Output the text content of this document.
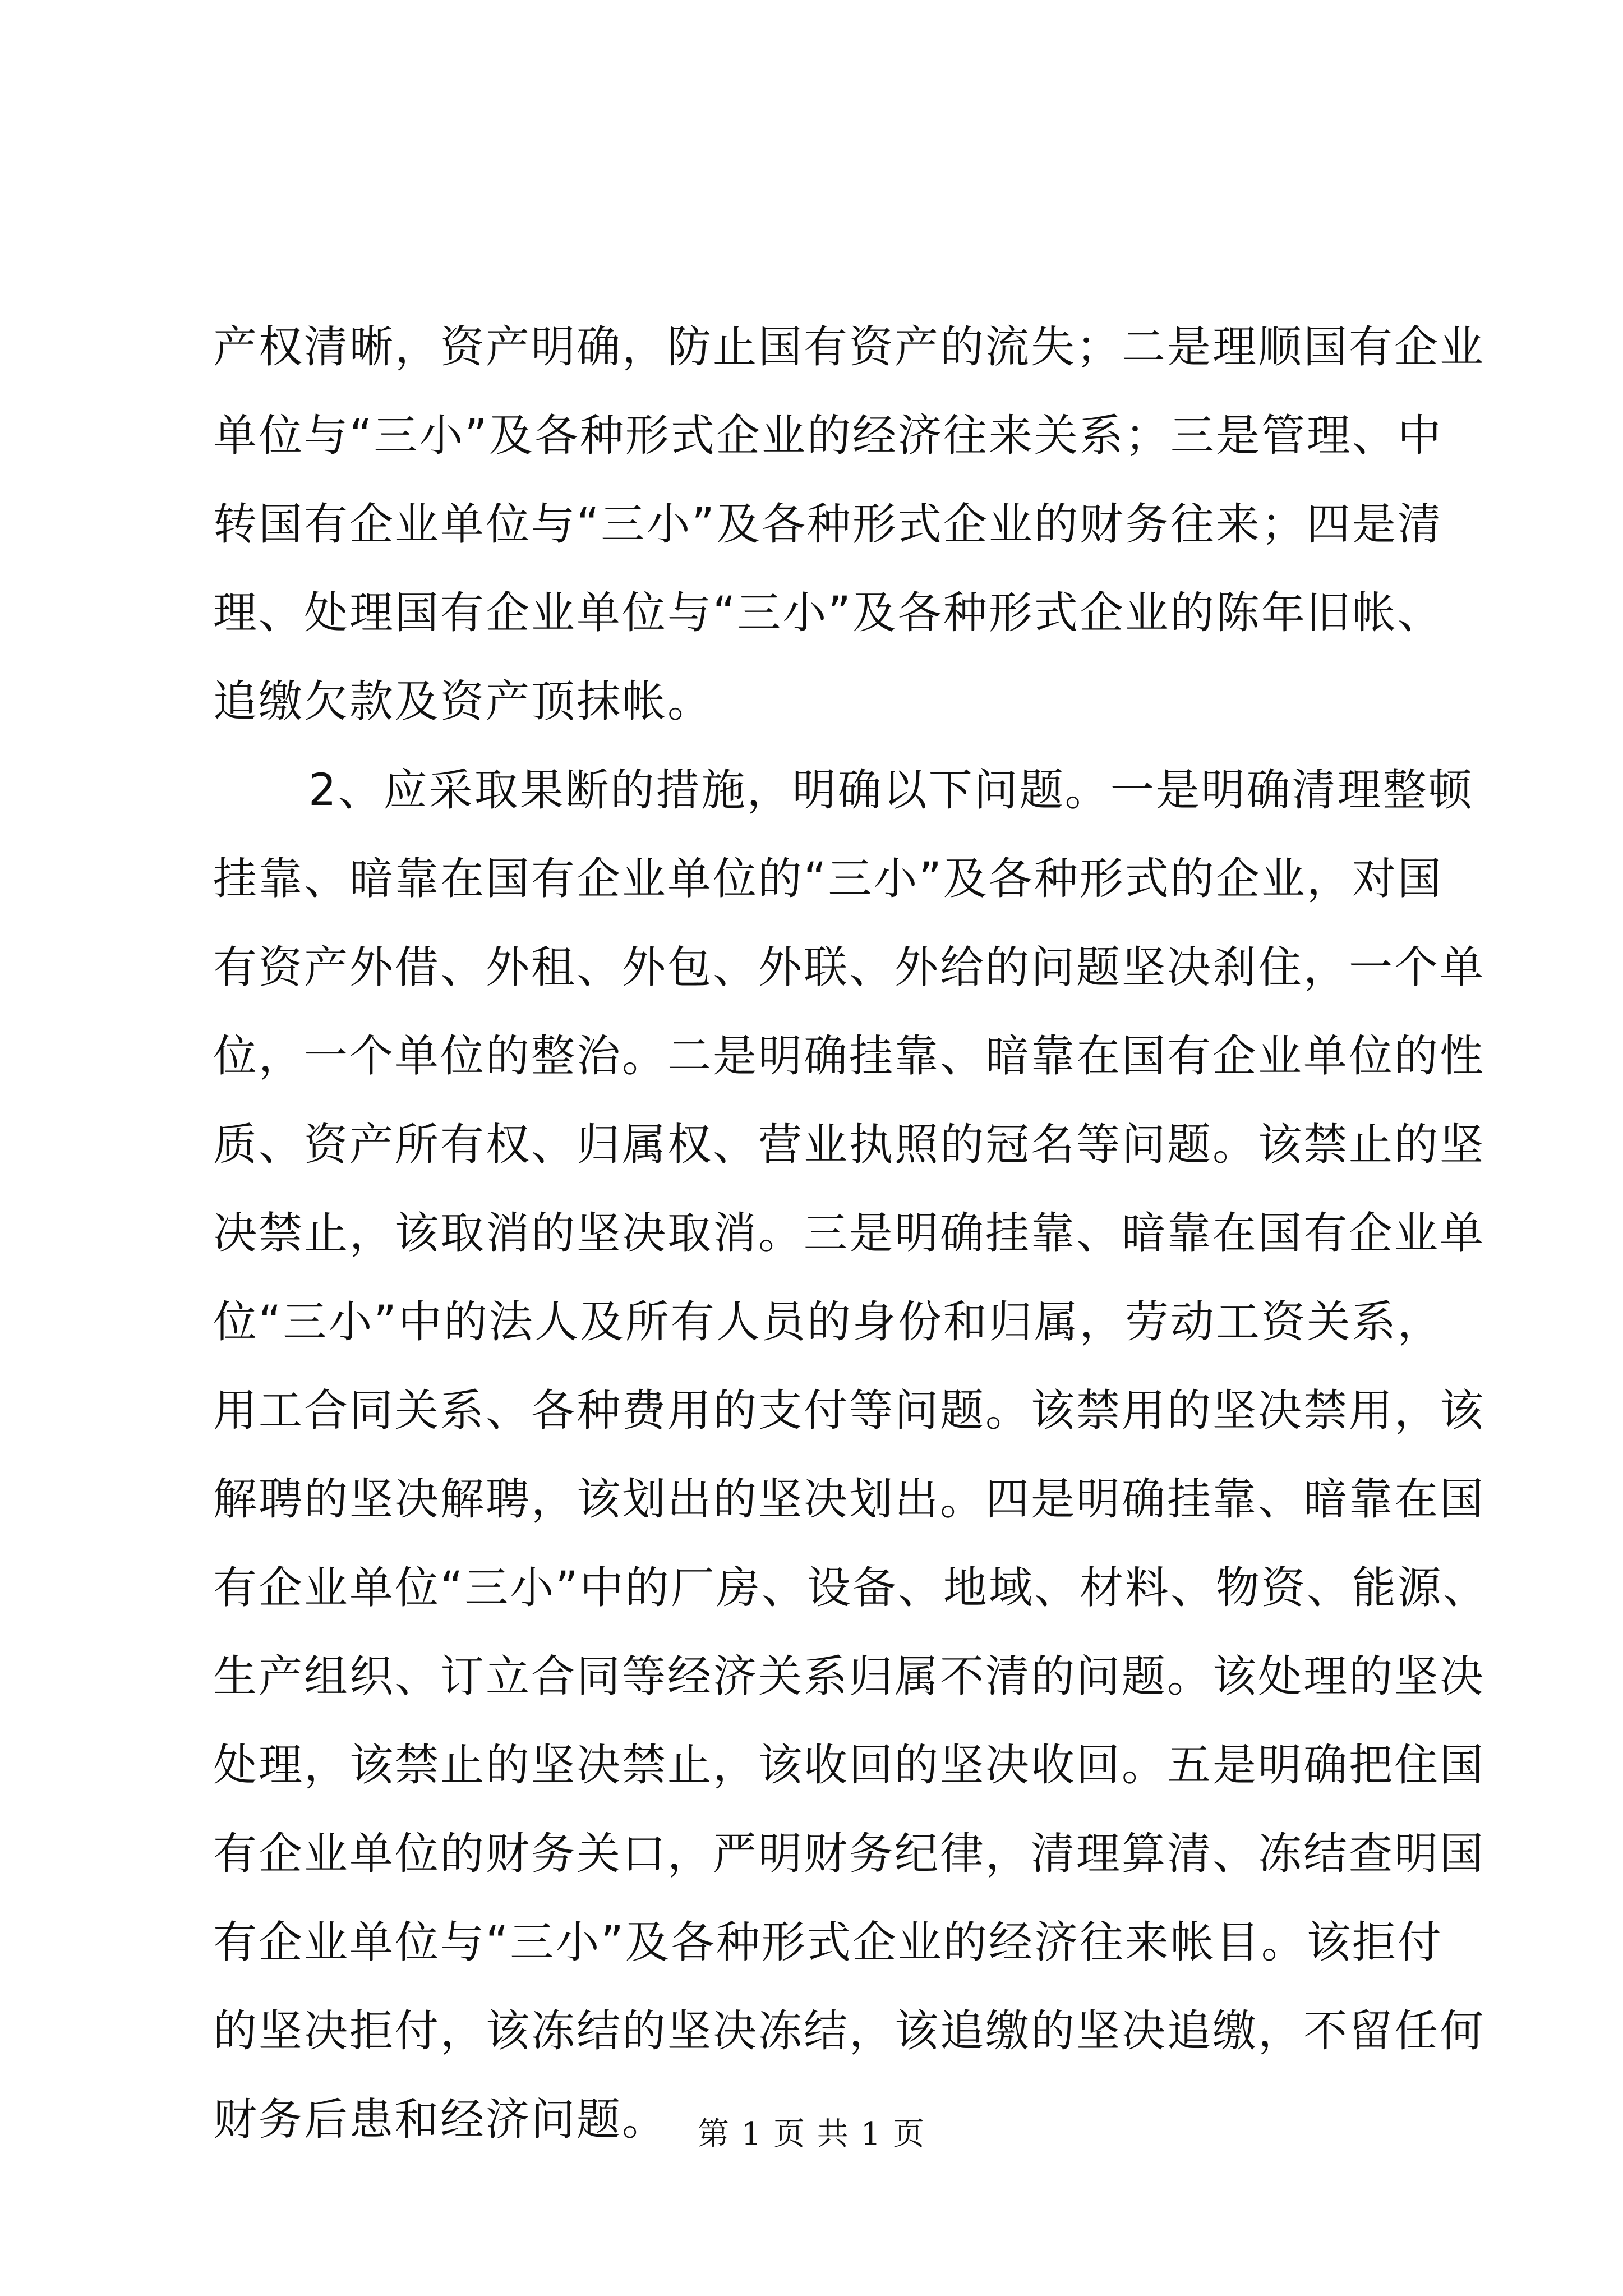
产权清晰，资产明确，防止国有资产的流失；二是理顺国有企业
单位与“三小”及各种形式企业的经济往来关系；三是管理、中
转国有企业单位与“三小”及各种形式企业的财务往来；四是清
理、处理国有企业单位与“三小”及各种形式企业的陈年旧帐、
追缴欠款及资产顶抹帐。
2、应采取果断的措施，明确以下问题。一是明确清理整顿
挂靠、暗靠在国有企业单位的“三小”及各种形式的企业，对国
有资产外借、外租、外包、外联、外给的问题坚决刹住，一个单
位，一个单位的整治。二是明确挂靠、暗靠在国有企业单位的性
质、资产所有权、归属权、营业执照的冠名等问题。该禁止的坚
决禁止，该取消的坚决取消。三是明确挂靠、暗靠在国有企业单
位“三小”中的法人及所有人员的身份和归属，劳动工资关系，
用工合同关系、各种费用的支付等问题。该禁用的坚决禁用，该
解聘的坚决解聘，该划出的坚决划出。四是明确挂靠、暗靠在国
有企业单位“三小”中的厂房、设备、地域、材料、物资、能源、
生产组织、订立合同等经济关系归属不清的问题。该处理的坚决
处理，该禁止的坚决禁止，该收回的坚决收回。五是明确把住国
有企业单位的财务关口，严明财务纪律，清理算清、冻结查明国
有企业单位与“三小”及各种形式企业的经济往来帐目。该拒付
的坚决拒付，该冻结的坚决冻结，该追缴的坚决追缴，不留任何
财务后患和经济问题。 第 1 页 共 1 页
